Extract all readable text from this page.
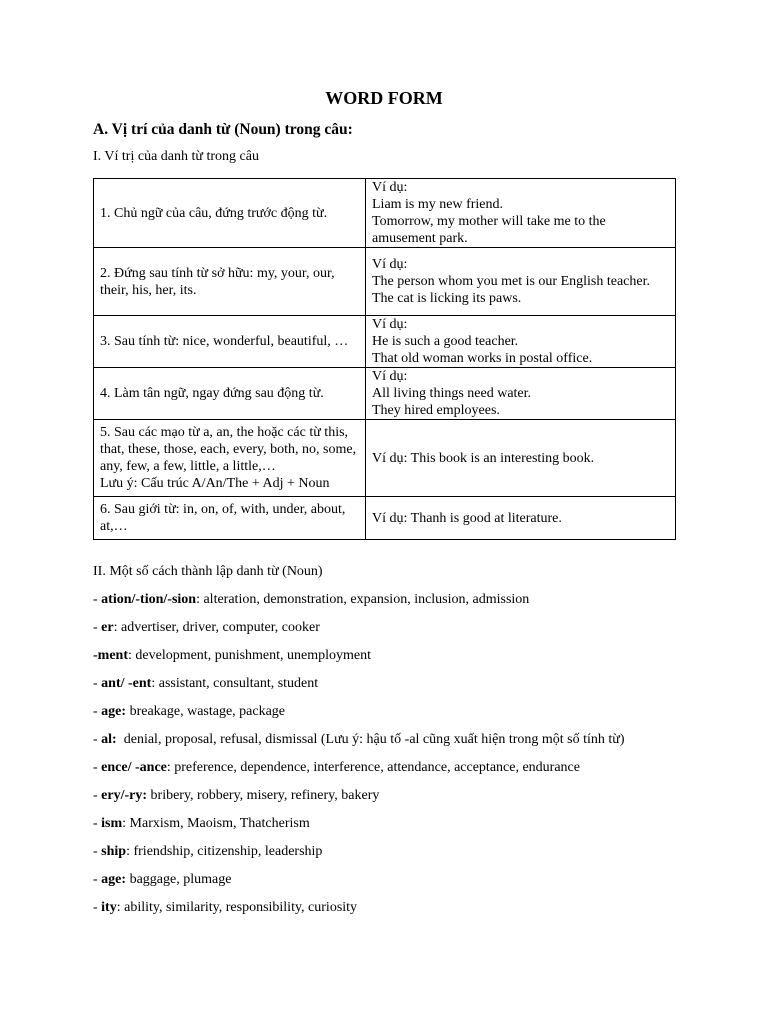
WORD FORM
A. Vị trí của danh từ (Noun) trong câu:
I. Ví trị của danh từ trong câu
1. Chủ ngữ của câu, đứng trước động từ.	Ví dụ:
Liam is my new friend.
Tomorrow, my mother will take me to the amusement park.

2. Đứng sau tính từ sở hữu: my, your, our, their, his, her, its.	Ví dụ:
The person whom you met is our English teacher.
The cat is licking its paws.

3. Sau tính từ: nice, wonderful, beautiful, …	Ví dụ:
He is such a good teacher.
That old woman works in postal office.

4. Làm tân ngữ, ngay đứng sau động từ.	Ví dụ:
All living things need water.
They hired employees.

5. Sau các mạo từ a, an, the hoặc các từ this, that, these, those, each, every, both, no, some, any, few, a few, little, a little,…
Lưu ý: Cấu trúc A/An/The + Adj + Noun	Ví dụ: This book is an interesting book.
6. Sau giới từ: in, on, of, with, under, about, at,…	Ví dụ: Thanh is good at literature.
II. Một số cách thành lập danh từ (Noun)
- ation/-tion/-sion: alteration, demonstration, expansion, inclusion, admission
- er: advertiser, driver, computer, cooker
-ment: development, punishment, unemployment
- ant/ -ent: assistant, consultant, student
- age: breakage, wastage, package
- al:  denial, proposal, refusal, dismissal (Lưu ý: hậu tố -al cũng xuất hiện trong một số tính từ)
- ence/ -ance: preference, dependence, interference, attendance, acceptance, endurance
- ery/-ry: bribery, robbery, misery, refinery, bakery
- ism: Marxism, Maoism, Thatcherism
- ship: friendship, citizenship, leadership
- age: baggage, plumage
- ity: ability, similarity, responsibility, curiosity
